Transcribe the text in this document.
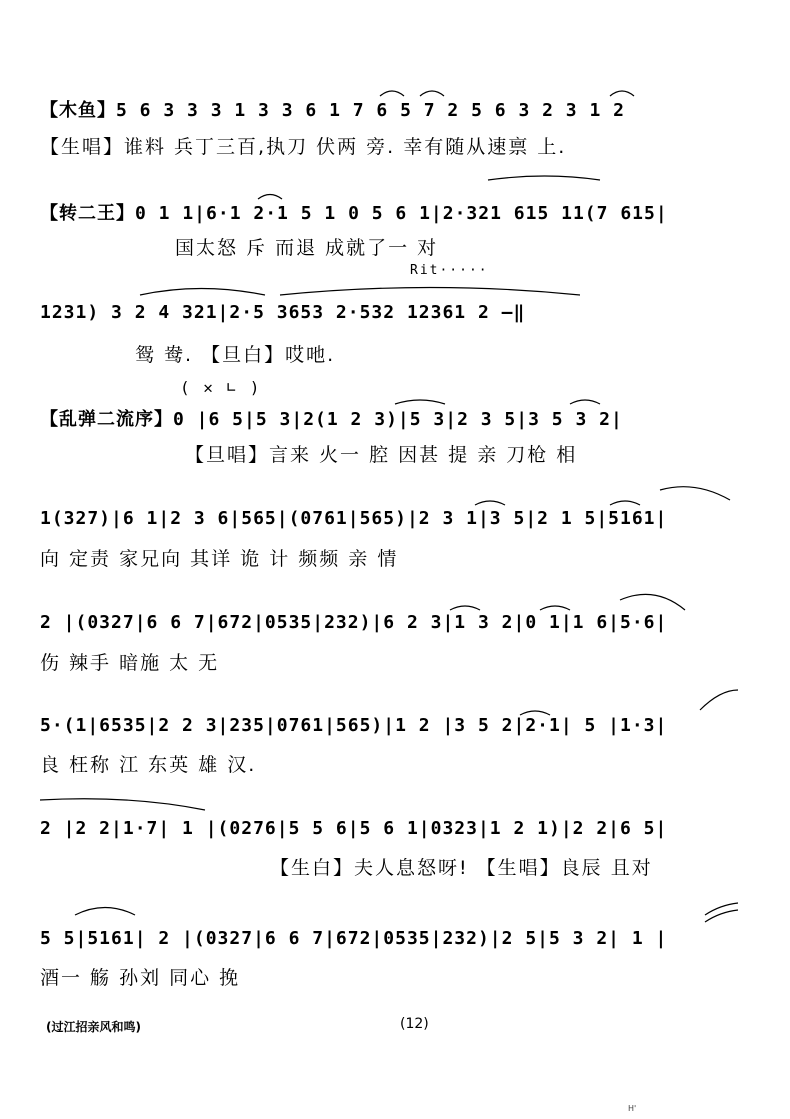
【木鱼】5 6 3 3 3 1 3 3 6 1 7 6 5 7 2 5 6 3 2 3 1 2
【生唱】谁料 兵丁三百,执刀 伏两 旁. 幸有随从速禀 上.
【转二王】0 1 1|6·1 2·1 5 1 0 5 6 1|2·321 615 11(7 615|
国太怒 斥 而退 成就了一 对
Rit·····
1231) 3 2 4 321|2·5 3653 2·532 12361 2 –‖
鸳 鸯. 【旦白】哎吔.
( ✕ ∟ )
【乱弹二流序】0 |6 5|5 3|2(1 2 3)|5 3|2 3 5|3 5 3 2|
【旦唱】言来 火一 腔 因甚 提 亲 刀枪 相
1(327)|6 1|2 3 6|565|(0761|565)|2 3 1|3 5|2 1 5|5161|
向 定责 家兄向 其详 诡 计 频频 亲 情
2 |(0327|6 6 7|672|0535|232)|6 2 3|1 3 2|0 1|1 6|5·6|
伤 辣手 暗施 太 无
5·(1|6535|2 2 3|235|0761|565)|1 2 |3 5 2|2·1| 5 |1·3|
良 枉称 江 东英 雄 汉.
2 |2 2|1·7| 1 |(0276|5 5 6|5 6 1|0323|1 2 1)|2 2|6 5|
【生白】夫人息怒呀! 【生唱】良辰 且对
5 5|5161| 2 |(0327|6 6 7|672|0535|232)|2 5|5 3 2| 1 |
酒一 觞 孙刘 同心 挽
(过江招亲风和鸣)	(12)
H'
